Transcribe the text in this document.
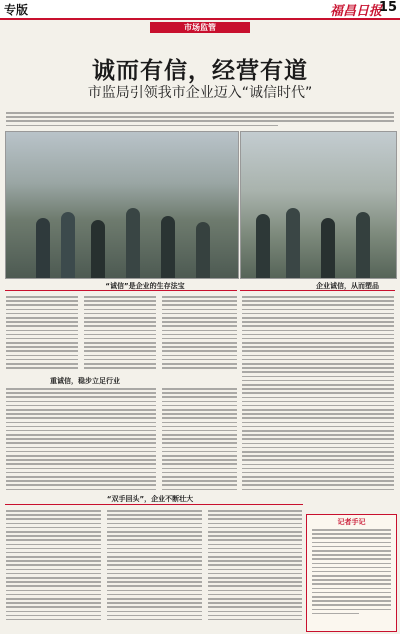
专版	福昌日报
15
市场监管
诚而有信，经营有道
市监局引领我市企业迈入“诚信时代”
“诚信”是企业的生存法宝	企业诚信，从而塑品
重诚信，稳步立足行业
“双手回头”，企业不断壮大
记者手记
